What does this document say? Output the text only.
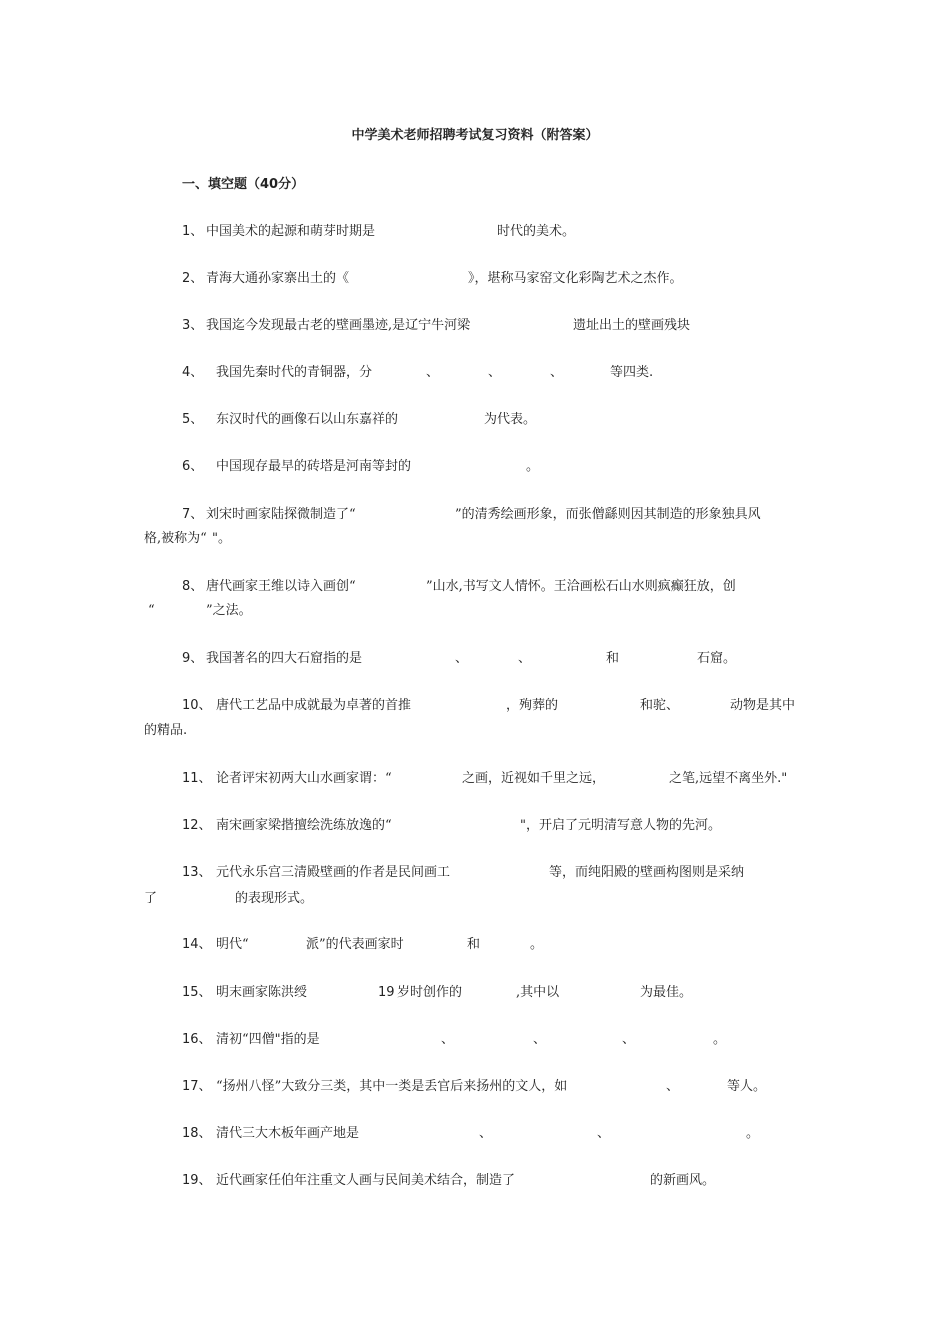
中学美术老师招聘考试复习资料（附答案）
一、填空题（40分）

1、 中国美术的起源和萌芽时期是	时代的美术。

2、 青海大通孙家寨出土的《	》，堪称马家窑文化彩陶艺术之杰作。

3、 我国迄今发现最古老的壁画墨迹,是辽宁牛河梁	遗址出土的壁画残块

4、 我国先秦时代的青铜器，分	、	、	、	等四类.

5、 东汉时代的画像石以山东嘉祥的	为代表。

6、 中国现存最早的砖塔是河南等封的	。

7、 刘宋时画家陆探微制造了“	”的清秀绘画形象，而张僧繇则因其制造的形象独具风

格,被称为“ "。

8、 唐代画家王维以诗入画创“	”山水,书写文人情怀。王洽画松石山水则疯癫狂放，创

“	”之法。

9、 我国著名的四大石窟指的是	、	、	和	石窟。

10、 唐代工艺品中成就最为卓著的首推	，殉葬的	和驼、	动物是其中

的精品.

11、 论者评宋初两大山水画家谓：“	之画，近视如千里之远，	之笔,远望不离坐外."

12、 南宋画家梁揩擅绘洗练放逸的“	"，开启了元明清写意人物的先河。

13、 元代永乐宫三清殿壁画的作者是民间画工	等，而纯阳殿的壁画构图则是采纳

了	的表现形式。

14、 明代“	派”的代表画家时	和	。

15、 明末画家陈洪绶	19 岁时创作的	,其中以	为最佳。

16、 清初“四僧"指的是	、	、	、	。

17、 “扬州八怪”大致分三类，其中一类是丢官后来扬州的文人，如	、	等人。

18、 清代三大木板年画产地是	、	、	。

19、 近代画家任伯年注重文人画与民间美术结合，制造了	的新画风。
